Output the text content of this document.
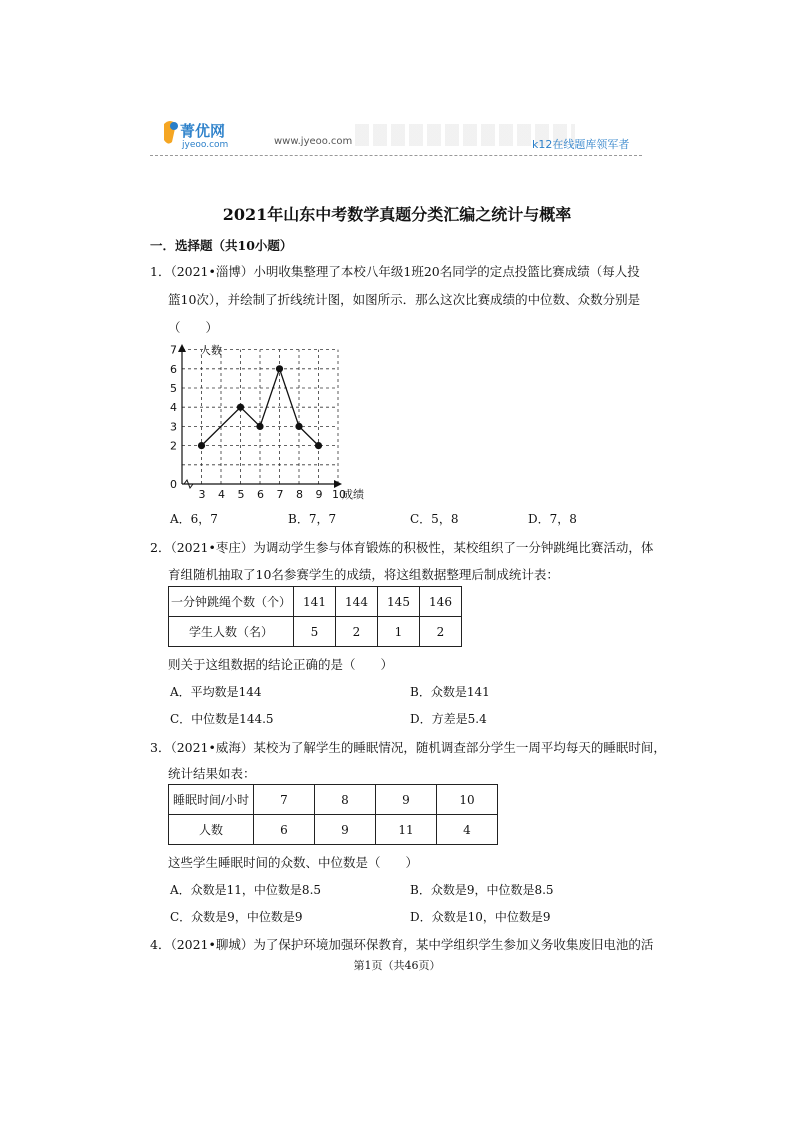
菁优网
jyeoo.com	www.jyeoo.com	k12在线题库领军者
2021年山东中考数学真题分类汇编之统计与概率
一．选择题（共10小题）
1．（2021•淄博）小明收集整理了本校八年级1班20名同学的定点投篮比赛成绩（每人投
篮10次），并绘制了折线统计图，如图所示．那么这次比赛成绩的中位数、众数分别是
（　　）
0
2
3
4
5
6
7
3 4 5 6 7 8 9 10
人数
成绩
A．6，7	B．7，7	C．5，8	D．7，8
2．（2021•枣庄）为调动学生参与体育锻炼的积极性，某校组织了一分钟跳绳比赛活动，体
育组随机抽取了10名参赛学生的成绩，将这组数据整理后制成统计表：
一分钟跳绳个数（个）	141	144	145	146
学生人数（名）	5	2	1	2
则关于这组数据的结论正确的是（　　）
A．平均数是144	B．众数是141
C．中位数是144.5	D．方差是5.4
3．（2021•威海）某校为了解学生的睡眠情况，随机调查部分学生一周平均每天的睡眠时间，
统计结果如表：
睡眠时间/小时	7	8	9	10
人数	6	9	11	4
这些学生睡眠时间的众数、中位数是（　　）
A．众数是11，中位数是8.5	B．众数是9，中位数是8.5
C．众数是9，中位数是9	D．众数是10，中位数是9
4．（2021•聊城）为了保护环境加强环保教育，某中学组织学生参加义务收集废旧电池的活
第1页（共46页）
